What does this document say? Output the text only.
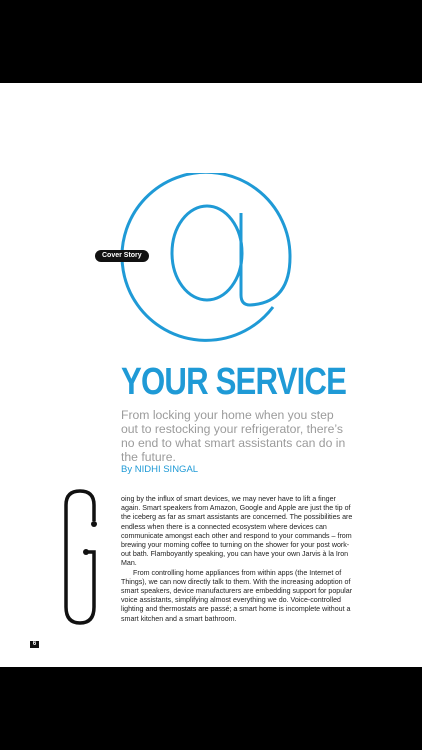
Cover Story
YOUR SERVICE

From locking your home when you step out to restocking your refrigerator, there’s no end to what smart assistants can do in the future.

By NIDHI SINGAL

oing by the influx of smart devices, we may never have to lift a finger again. Smart speakers from Amazon, Google and Apple are just the tip of the iceberg as far as smart assistants are concerned. The possibilities are endless when there is a connected ecosystem where devices can communicate amongst each other and respond to your commands – from brewing your morning coffee to turning on the shower for your post work-out bath. Flamboyantly speaking, you can have your own Jarvis à la Iron Man.

From controlling home appliances from within apps (the Internet of Things), we can now directly talk to them. With the increasing adoption of smart speakers, device manufacturers are embedding support for popular voice assistants, simplifying almost everything we do. Voice-controlled lighting and thermostats are passé; a smart home is incomplete without a smart kitchen and a smart bathroom.

6
